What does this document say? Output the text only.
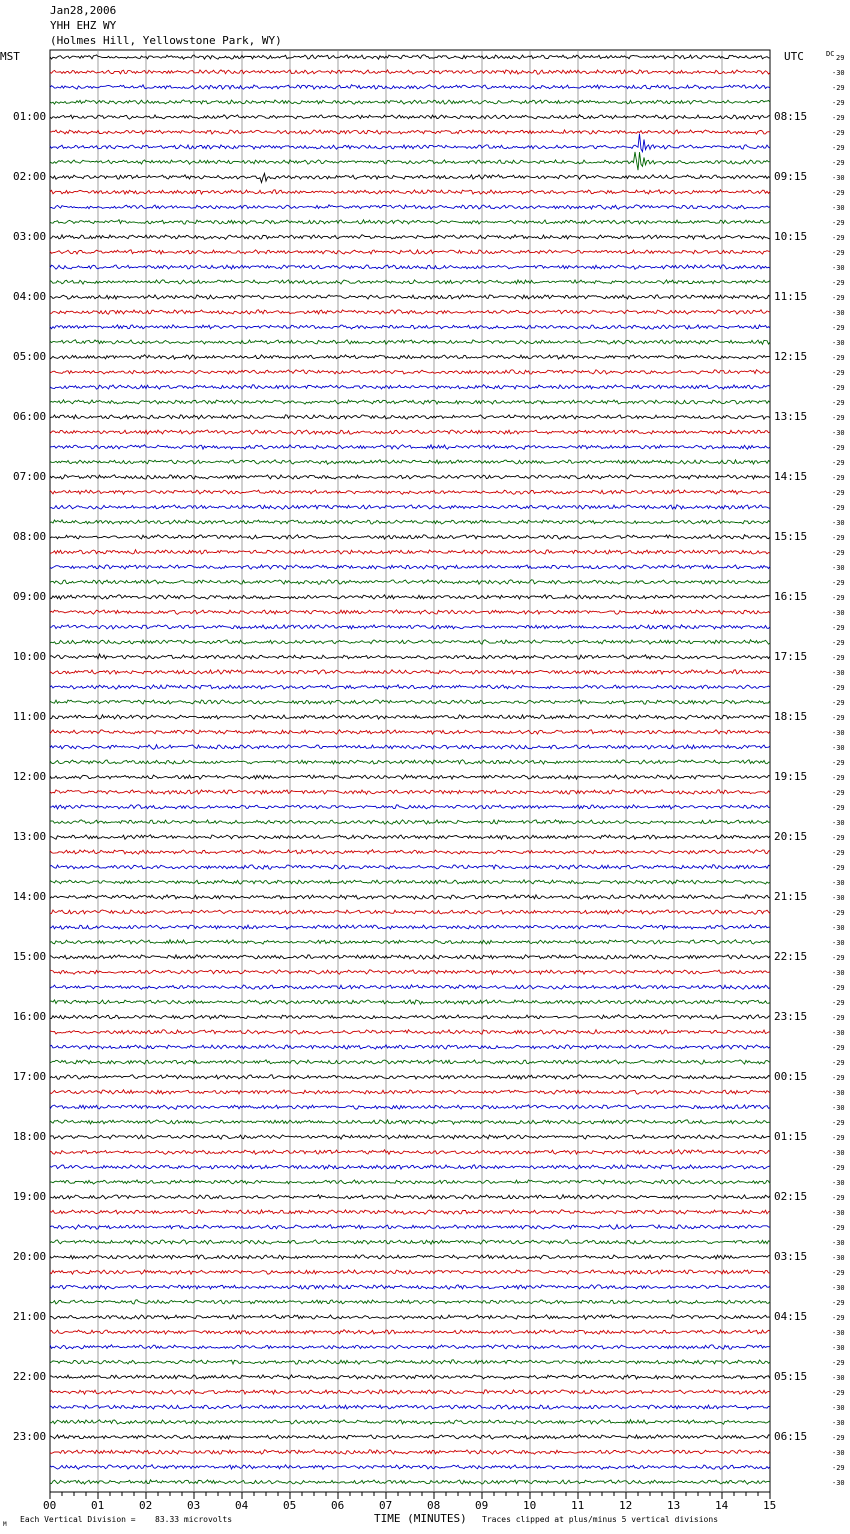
Jan28,2006
YHH EHZ WY
(Holmes Hill, Yellowstone Park, WY)
MST	UTC	DC
00	01	02	03	04	05	06	07	08	09	10	11	12	13	14	15
01:00
02:00
03:00
04:00
05:00
06:00
07:00
08:00
09:00
10:00
11:00
12:00
13:00
14:00
15:00
16:00
17:00
18:00
19:00
20:00
21:00
22:00
23:00
08:15
09:15
10:15
11:15
12:15
13:15
14:15
15:15
16:15
17:15
18:15
19:15
20:15
21:15
22:15
23:15
00:15
01:15
02:15
03:15
04:15
05:15
06:15
29
-30
-29
-29
-29
-29
-29
-29
-30
-29
-30
-29
-29
-29
-30
-29
-29
-30
-29
-30
-29
-29
-29
-29
-29
-30
-29
-29
-29
-29
-29
-30
-29
-29
-30
-29
-29
-30
-29
-29
-29
-30
-29
-29
-29
-30
-30
-29
-29
-29
-29
-30
-29
-29
-29
-30
-30
-29
-30
-30
-29
-30
-29
-29
-29
-30
-29
-29
-29
-30
-30
-29
-29
-30
-29
-30
-29
-30
-29
-30
-30
-29
-30
-29
-29
-30
-30
-29
-30
-29
-30
-30
-29
-30
-29
-30
M
Each Vertical Division = 83.33 microvolts	TIME (MINUTES) Traces clipped at plus/minus 5 vertical divisions
